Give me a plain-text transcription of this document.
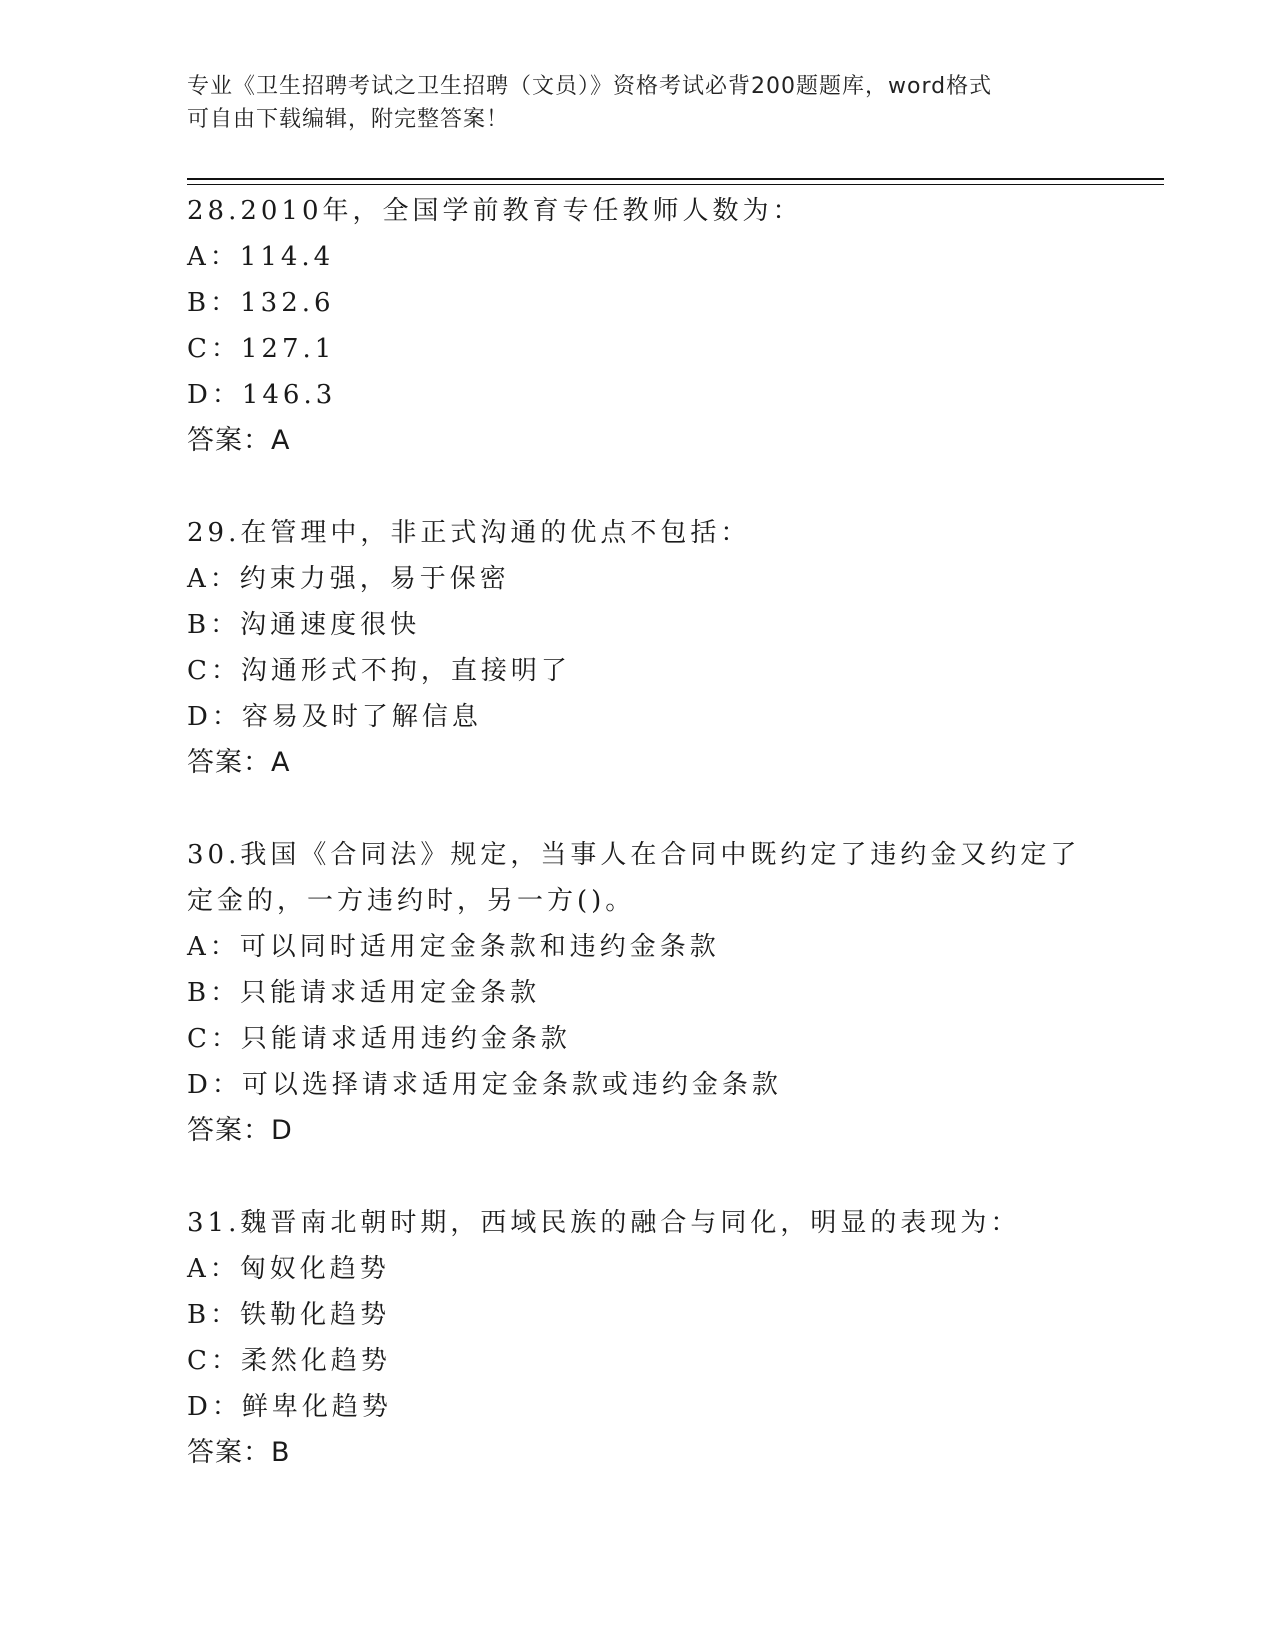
专业《卫生招聘考试之卫生招聘（文员）》资格考试必背200题题库，word格式
可自由下载编辑，附完整答案！
28.2010年，全国学前教育专任教师人数为：
A：114.4
B：132.6
C：127.1
D：146.3
答案：A
29.在管理中，非正式沟通的优点不包括：
A：约束力强，易于保密
B：沟通速度很快
C：沟通形式不拘，直接明了
D：容易及时了解信息
答案：A
30.我国《合同法》规定，当事人在合同中既约定了违约金又约定了定金的，一方违约时，另一方()。
A：可以同时适用定金条款和违约金条款
B：只能请求适用定金条款
C：只能请求适用违约金条款
D：可以选择请求适用定金条款或违约金条款
答案：D
31.魏晋南北朝时期，西域民族的融合与同化，明显的表现为：
A：匈奴化趋势
B：铁勒化趋势
C：柔然化趋势
D：鲜卑化趋势
答案：B
